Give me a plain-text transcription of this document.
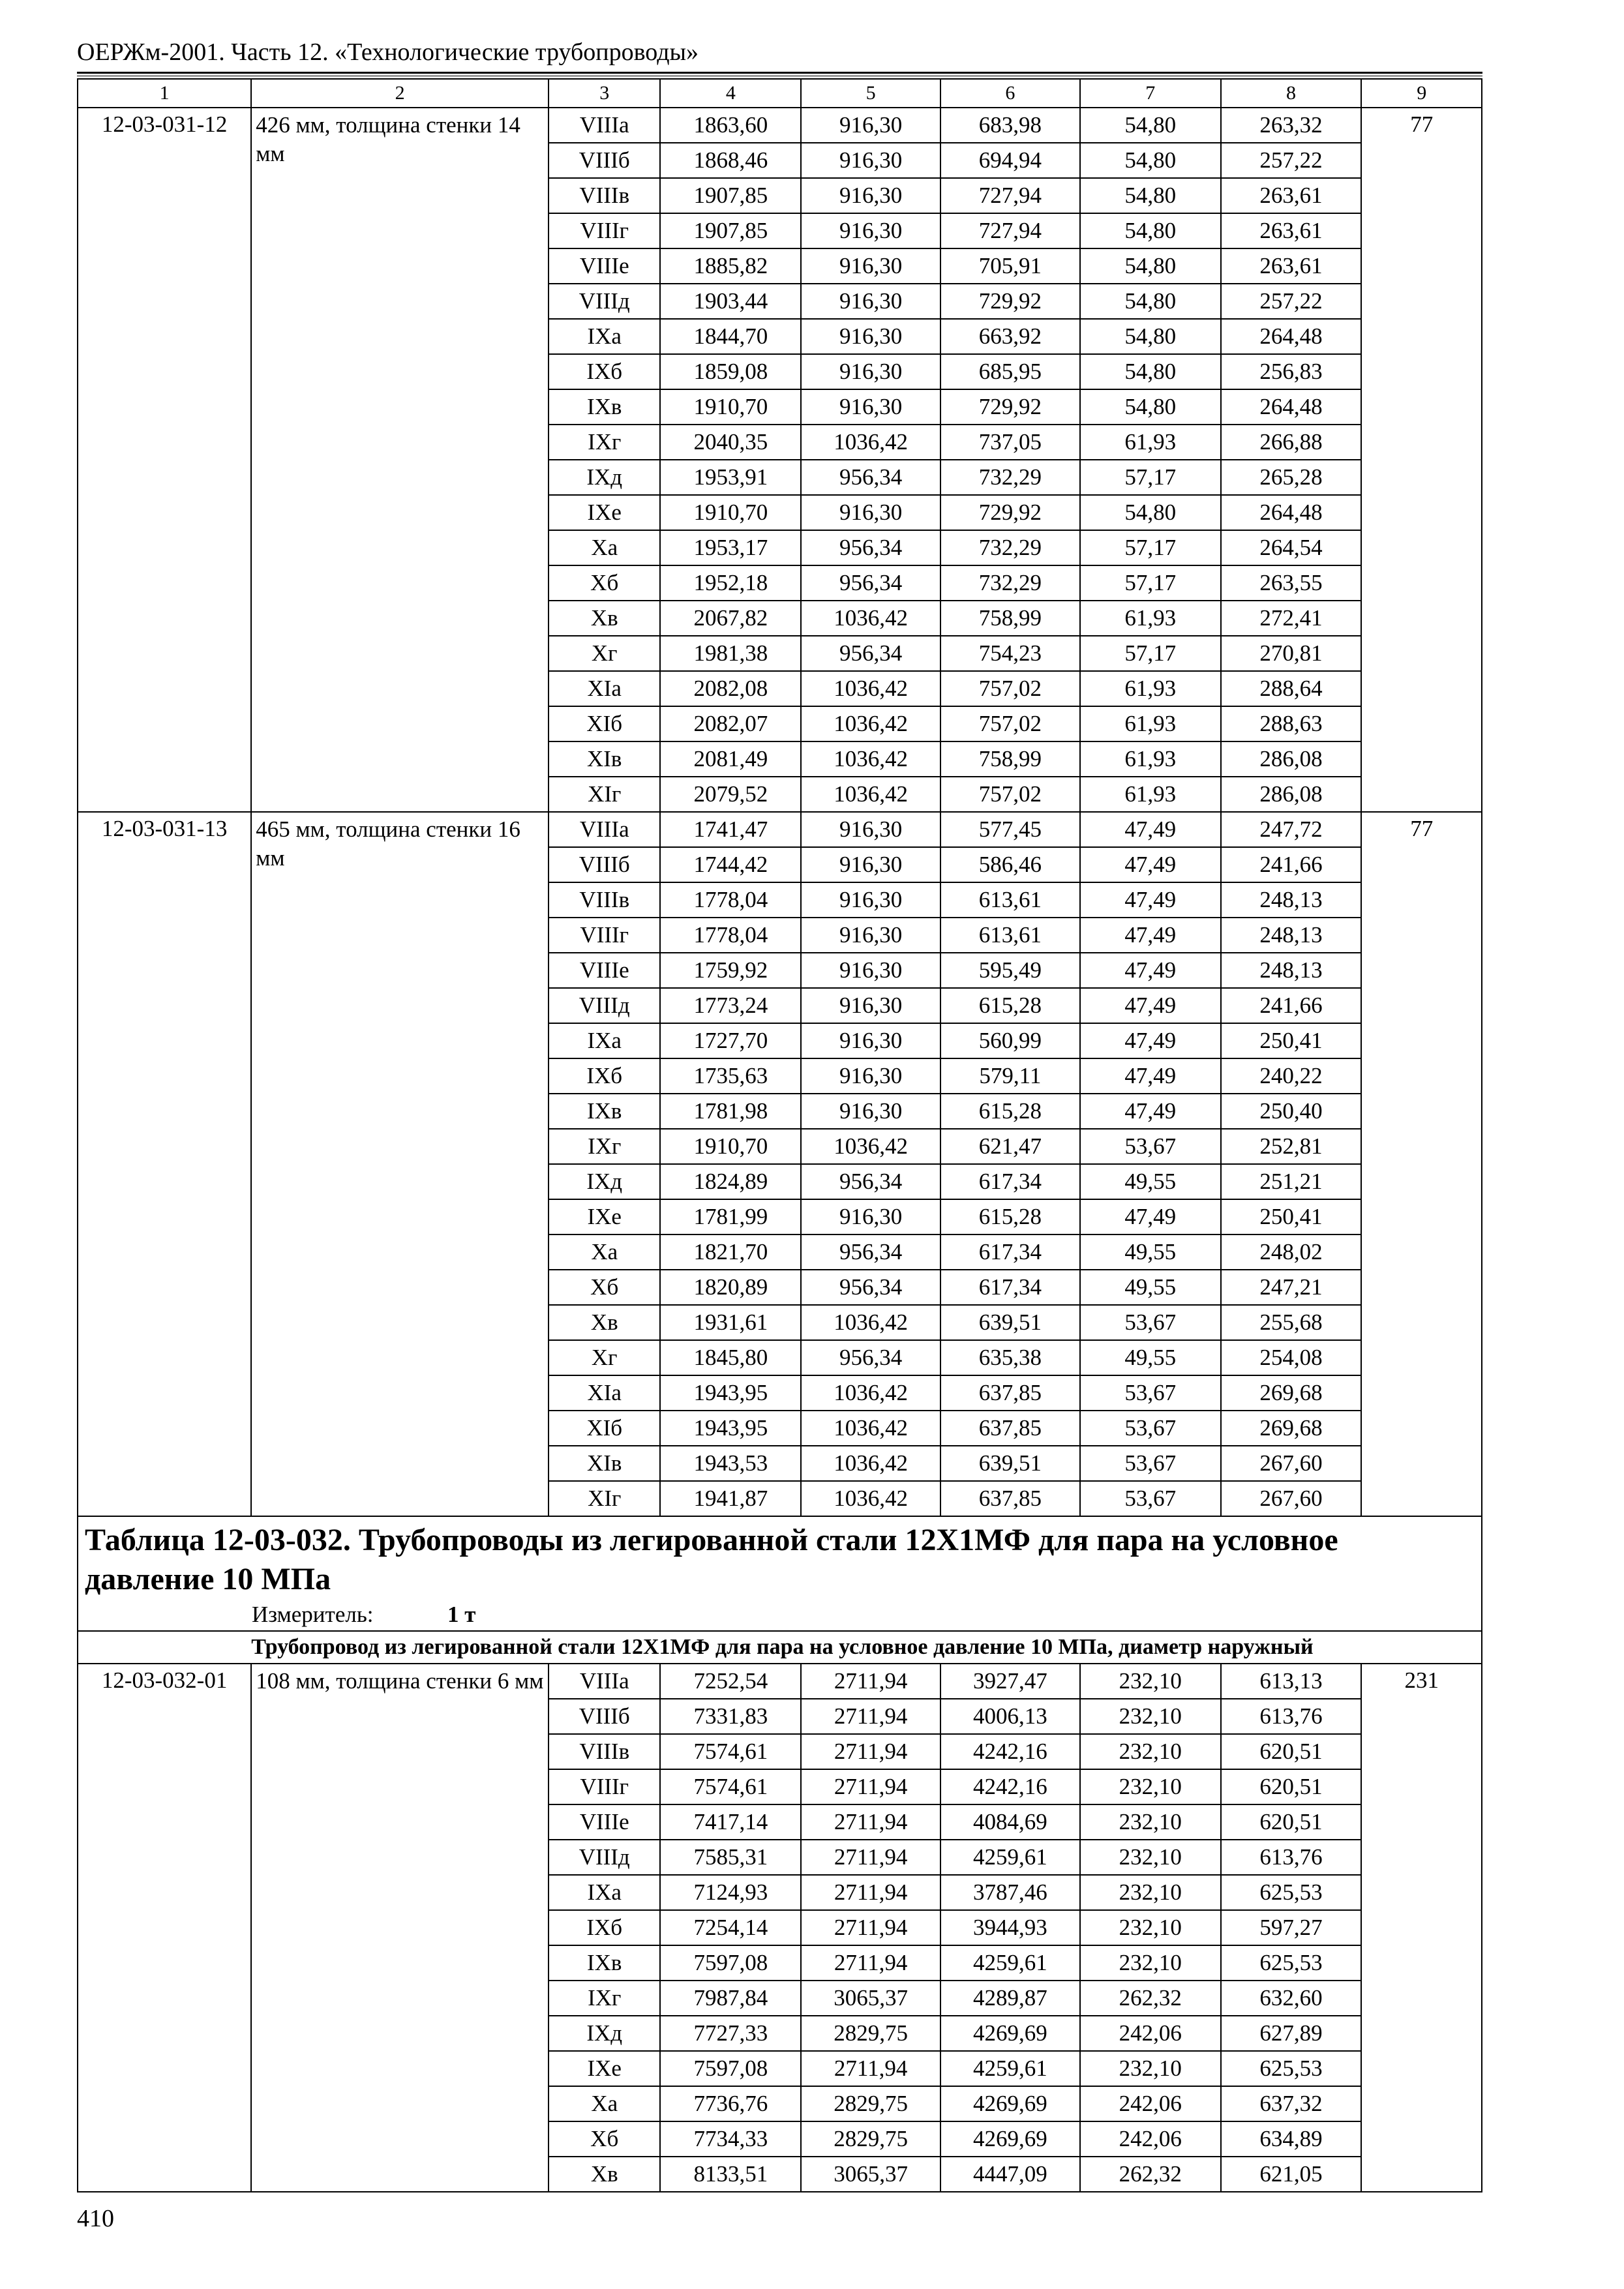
ОЕРЖм-2001. Часть 12. «Технологические трубопроводы»
1	2	3	4	5	6	7	8	9
12-03-031-12	426 мм, толщина стенки 14 мм	VIIIа	1863,60	916,30	683,98	54,80	263,32	77
		VIIIб	1868,46	916,30	694,94	54,80	257,22	
		VIIIв	1907,85	916,30	727,94	54,80	263,61	
		VIIIг	1907,85	916,30	727,94	54,80	263,61	
		VIIIе	1885,82	916,30	705,91	54,80	263,61	
		VIIIд	1903,44	916,30	729,92	54,80	257,22	
		IХа	1844,70	916,30	663,92	54,80	264,48	
		IХб	1859,08	916,30	685,95	54,80	256,83	
		IХв	1910,70	916,30	729,92	54,80	264,48	
		IХг	2040,35	1036,42	737,05	61,93	266,88	
		IХд	1953,91	956,34	732,29	57,17	265,28	
		IХе	1910,70	916,30	729,92	54,80	264,48	
		Ха	1953,17	956,34	732,29	57,17	264,54	
		Хб	1952,18	956,34	732,29	57,17	263,55	
		Хв	2067,82	1036,42	758,99	61,93	272,41	
		Хг	1981,38	956,34	754,23	57,17	270,81	
		ХIа	2082,08	1036,42	757,02	61,93	288,64	
		ХIб	2082,07	1036,42	757,02	61,93	288,63	
		ХIв	2081,49	1036,42	758,99	61,93	286,08	
		ХIг	2079,52	1036,42	757,02	61,93	286,08	
12-03-031-13	465 мм, толщина стенки 16 мм	VIIIа	1741,47	916,30	577,45	47,49	247,72	77
		VIIIб	1744,42	916,30	586,46	47,49	241,66	
		VIIIв	1778,04	916,30	613,61	47,49	248,13	
		VIIIг	1778,04	916,30	613,61	47,49	248,13	
		VIIIе	1759,92	916,30	595,49	47,49	248,13	
		VIIIд	1773,24	916,30	615,28	47,49	241,66	
		IХа	1727,70	916,30	560,99	47,49	250,41	
		IХб	1735,63	916,30	579,11	47,49	240,22	
		IХв	1781,98	916,30	615,28	47,49	250,40	
		IХг	1910,70	1036,42	621,47	53,67	252,81	
		IХд	1824,89	956,34	617,34	49,55	251,21	
		IХе	1781,99	916,30	615,28	47,49	250,41	
		Ха	1821,70	956,34	617,34	49,55	248,02	
		Хб	1820,89	956,34	617,34	49,55	247,21	
		Хв	1931,61	1036,42	639,51	53,67	255,68	
		Хг	1845,80	956,34	635,38	49,55	254,08	
		ХIа	1943,95	1036,42	637,85	53,67	269,68	
		ХIб	1943,95	1036,42	637,85	53,67	269,68	
		ХIв	1943,53	1036,42	639,51	53,67	267,60	
		ХIг	1941,87	1036,42	637,85	53,67	267,60	
Таблица 12-03-032. Трубопроводы из легированной стали 12Х1МФ для пара на условное давление 10 МПа								
Измеритель: 1 т								
	Трубопровод из легированной стали 12Х1МФ для пара на условное давление 10 МПа, диаметр наружный							
12-03-032-01	108 мм, толщина стенки 6 мм	VIIIа	7252,54	2711,94	3927,47	232,10	613,13	231
		VIIIб	7331,83	2711,94	4006,13	232,10	613,76	
		VIIIв	7574,61	2711,94	4242,16	232,10	620,51	
		VIIIг	7574,61	2711,94	4242,16	232,10	620,51	
		VIIIе	7417,14	2711,94	4084,69	232,10	620,51	
		VIIIд	7585,31	2711,94	4259,61	232,10	613,76	
		IХа	7124,93	2711,94	3787,46	232,10	625,53	
		IХб	7254,14	2711,94	3944,93	232,10	597,27	
		IХв	7597,08	2711,94	4259,61	232,10	625,53	
		IХг	7987,84	3065,37	4289,87	262,32	632,60	
		IХд	7727,33	2829,75	4269,69	242,06	627,89	
		IХе	7597,08	2711,94	4259,61	232,10	625,53	
		Ха	7736,76	2829,75	4269,69	242,06	637,32	
		Хб	7734,33	2829,75	4269,69	242,06	634,89	
		Хв	8133,51	3065,37	4447,09	262,32	621,05	
410
